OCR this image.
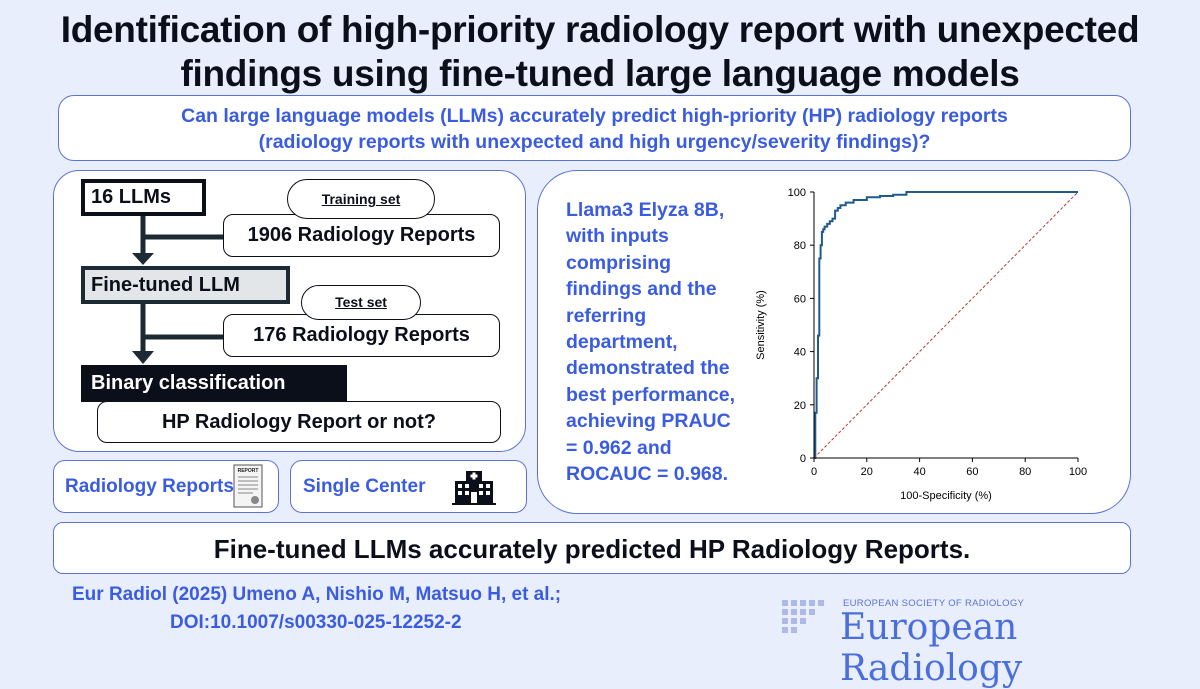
Identification of high-priority radiology report with unexpected
findings using fine-tuned large language models
Can large language models (LLMs) accurately predict high-priority (HP) radiology reports
(radiology reports with unexpected and high urgency/severity findings)?
16 LLMs
1906 Radiology Reports
Training set
Fine-tuned LLM
176 Radiology Reports
Test set
Binary classification
HP Radiology Report or not?
Radiology Reports
REPORT
Single Center
Llama3 Elyza 8B,
with inputs
comprising
findings and the
referring
department,
demonstrated the
best performance,
achieving PRAUC
= 0.962 and
ROCAUC = 0.968.	0	20	40	60	80	100
0
20
40
60
80
100
100-Specificity (%)
Sensitivity (%)
Fine-tuned LLMs accurately predicted HP Radiology Reports.
Eur Radiol (2025) Umeno A, Nishio M, Matsuo H, et al.;
DOI:10.1007/s00330-025-12252-2
EUROPEAN SOCIETY OF RADIOLOGY
European Radiology
